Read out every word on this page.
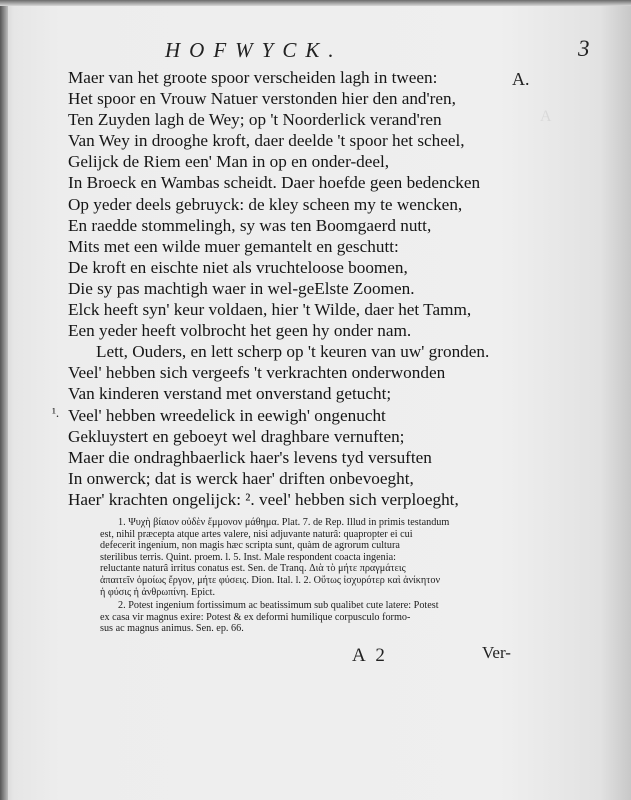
A
HOFWYCK.	3
A.
Maer van het groote spoor verscheiden lagh in tween:
Het spoor en Vrouw Natuer verstonden hier den and'ren,
Ten Zuyden lagh de Wey; op 't Noorderlick verand'ren
Van Wey in drooghe kroft, daer deelde 't spoor het scheel,
Gelijck de Riem een' Man in op en onder-deel,
In Broeck en Wambas scheidt. Daer hoefde geen bedencken
Op yeder deels gebruyck: de kley scheen my te wencken,
En raedde stommelingh, sy was ten Boomgaerd nutt,
Mits met een wilde muer gemantelt en geschutt:
De kroft en eischte niet als vruchteloose boomen,
Die sy pas machtigh waer in wel-geElste Zoomen.
Elck heeft syn' keur voldaen, hier 't Wilde, daer het Tamm,
Een yeder heeft volbrocht het geen hy onder nam.
Lett, Ouders, en lett scherp op 't keuren van uw' gronden.
Veel' hebben sich vergeefs 't verkrachten onderwonden
Van kinderen verstand met onverstand getucht;
Veel' hebben wreedelick in eewigh' ongenucht
Gekluystert en geboeyt wel draghbare vernuften;
Maer die ondraghbaerlick haer's levens tyd versuften
In onwerck; dat is werck haer' driften onbevoeght,
Haer' krachten ongelijck: ². veel' hebben sich verploeght,
¹.
1. Ψυχὴ βίαιον οὐδὲν ἔμμονον μάθημα. Plat. 7. de Rep. Illud in primis testandum
est, nihil præcepta atque artes valere, nisi adjuvante naturâ: quapropter ei cui
defecerit ingenium, non magis hæc scripta sunt, quàm de agrorum cultura
sterilibus terris. Quint. proem. l. 5. Inst. Male respondent coacta ingenia:
reluctante naturâ irritus conatus est. Sen. de Tranq. Διὰ τὸ μήτε πραγμάτεις
ἀπαιτεῖν ὁμοίως ἔργον, μήτε φύσεις. Dion. Ital. l. 2. Οὔτως ἰσχυρότερ καὶ ἀνίκητον
ἡ φύσις ἡ ἀνθρωπίνη. Epict.
2. Potest ingenium fortissimum ac beatissimum sub qualibet cute latere: Potest
ex casa vir magnus exire: Potest & ex deformi humilique corpusculo formo-
sus ac magnus animus. Sen. ep. 66.
A 2	Ver-
